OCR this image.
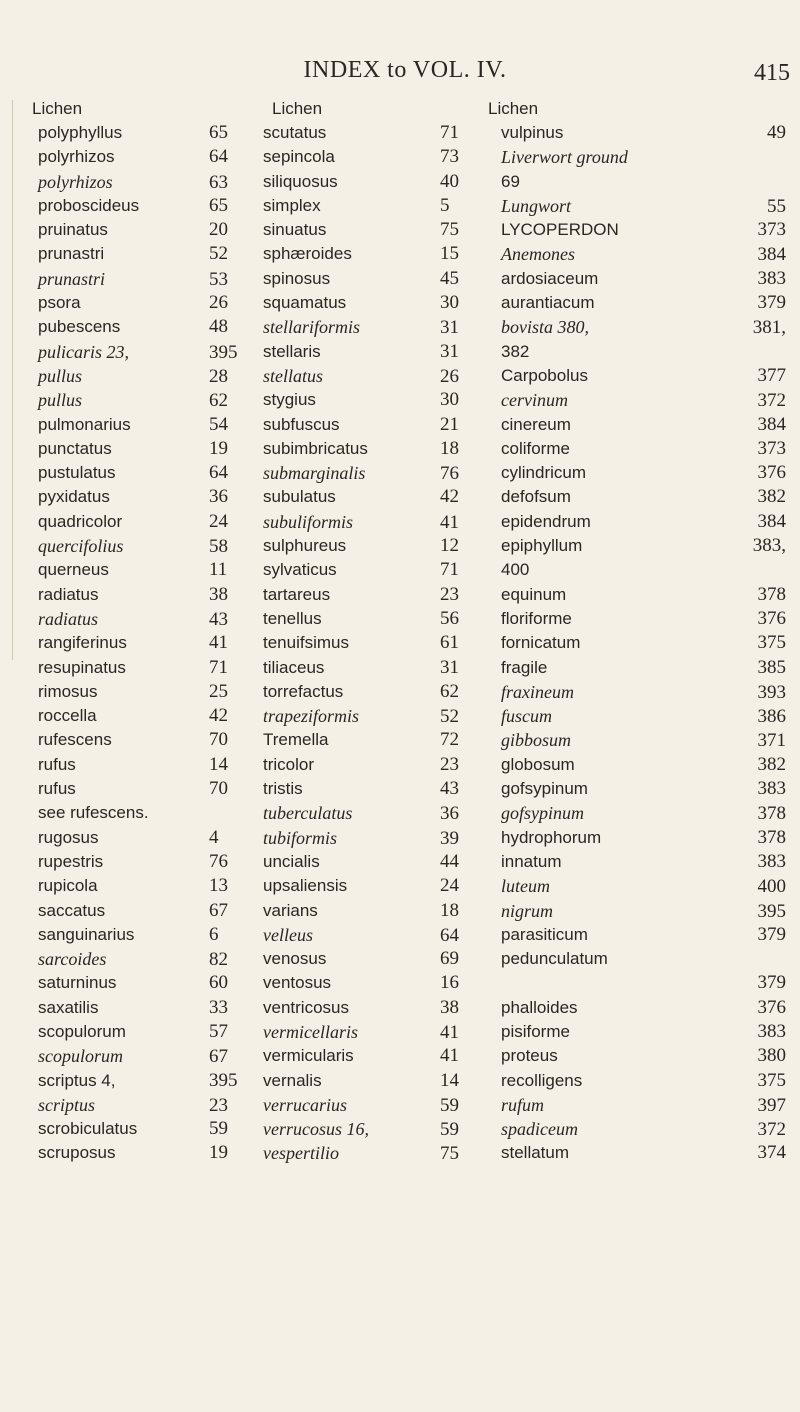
INDEX to VOL. IV.	415
Lichen
polyphyllus	65
polyrhizos	64
polyrhizos	63
proboscideus	65
pruinatus	20
prunastri	52
prunastri	53
psora	26
pubescens	48
pulicaris 23,	395
pullus	28
pullus	62
pulmonarius	54
punctatus	19
pustulatus	64
pyxidatus	36
quadricolor	24
quercifolius	58
querneus	11
radiatus	38
radiatus	43
rangiferinus	41
resupinatus	71
rimosus	25
roccella	42
rufescens	70
rufus	14
rufus	70
see rufescens.
rugosus	4
rupestris	76
rupicola	13
saccatus	67
sanguinarius	6
sarcoides	82
saturninus	60
saxatilis	33
scopulorum	57
scopulorum	67
scriptus 4,	395
scriptus	23
scrobiculatus	59
scruposus	19
Lichen
scutatus	71
sepincola	73
siliquosus	40
simplex	5
sinuatus	75
sphæroides	15
spinosus	45
squamatus	30
stellariformis	31
stellaris	31
stellatus	26
stygius	30
subfuscus	21
subimbricatus	18
submarginalis	76
subulatus	42
subuliformis	41
sulphureus	12
sylvaticus	71
tartareus	23
tenellus	56
tenuifsimus	61
tiliaceus	31
torrefactus	62
trapeziformis	52
Tremella	72
tricolor	23
tristis	43
tuberculatus	36
tubiformis	39
uncialis	44
upsaliensis	24
varians	18
velleus	64
venosus	69
ventosus	16
ventricosus	38
vermicellaris	41
vermicularis	41
vernalis	14
verrucarius	59
verrucosus 16,	59
vespertilio	75
Lichen
vulpinus	49
Liverwort ground
69
Lungwort	55
LYCOPERDON	373
Anemones	384
ardosiaceum	383
aurantiacum	379
bovista 380,	381,
382
Carpobolus	377
cervinum	372
cinereum	384
coliforme	373
cylindricum	376
defofsum	382
epidendrum	384
epiphyllum	383,
400
equinum	378
floriforme	376
fornicatum	375
fragile	385
fraxineum	393
fuscum	386
gibbosum	371
globosum	382
gofsypinum	383
gofsypinum	378
hydrophorum	378
innatum	383
luteum	400
nigrum	395
parasiticum	379
pedunculatum
379
phalloides	376
pisiforme	383
proteus	380
recolligens	375
rufum	397
spadiceum	372
stellatum	374
